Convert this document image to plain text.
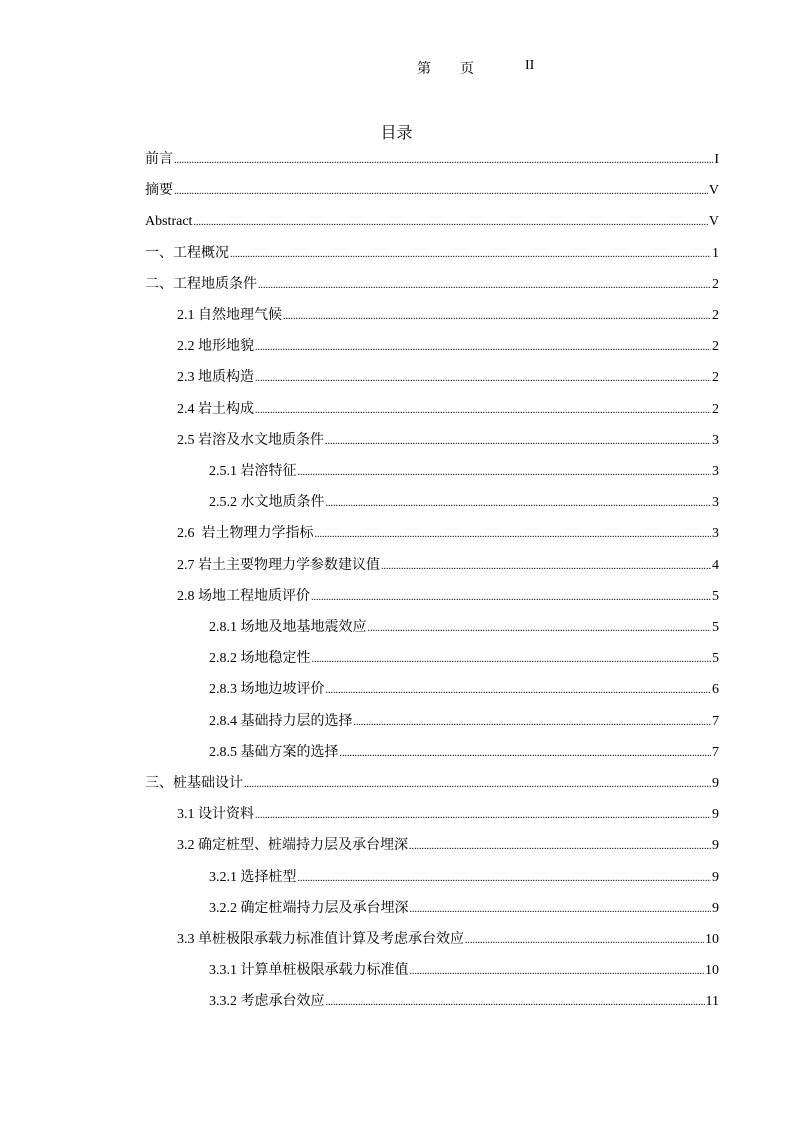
第 页	II
目录
前言 .....	I
摘要 .....	V
Abstract .....	V
一、工程概况 .....	1
二、工程地质条件 .....	2
2.1 自然地理气候 .....	2
2.2 地形地貌 .....	2
2.3 地质构造 .....	2
2.4 岩土构成 .....	2
2.5 岩溶及水文地质条件 .....	3
2.5.1 岩溶特征 .....	3
2.5.2 水文地质条件 .....	3
2.6  岩土物理力学指标 .....	3
2.7 岩土主要物理力学参数建议值 .....	4
2.8 场地工程地质评价 .....	5
2.8.1 场地及地基地震效应 .....	5
2.8.2 场地稳定性 .....	5
2.8.3 场地边坡评价 .....	6
2.8.4 基础持力层的选择 .....	7
2.8.5 基础方案的选择 .....	7
三、桩基础设计 .....	9
3.1 设计资料 .....	9
3.2 确定桩型、桩端持力层及承台埋深 .....	9
3.2.1 选择桩型 .....	9
3.2.2 确定桩端持力层及承台埋深 .....	9
3.3 单桩极限承载力标准值计算及考虑承台效应 .....	10
3.3.1 计算单桩极限承载力标准值 .....	10
3.3.2 考虑承台效应 .....	11
